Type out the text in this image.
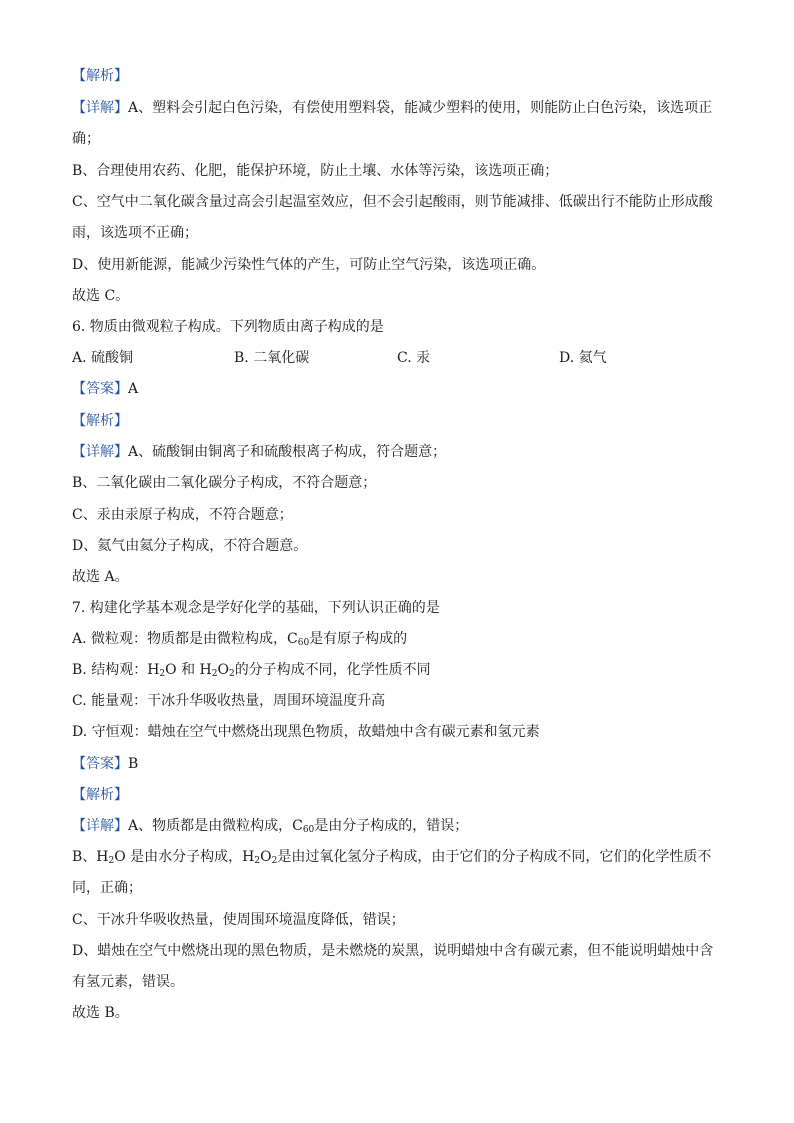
【解析】
【详解】A、塑料会引起白色污染，有偿使用塑料袋，能减少塑料的使用，则能防止白色污染，该选项正
确；
B、合理使用农药、化肥，能保护环境，防止土壤、水体等污染，该选项正确；
C、空气中二氧化碳含量过高会引起温室效应，但不会引起酸雨，则节能减排、低碳出行不能防止形成酸
雨，该选项不正确；
D、使用新能源，能减少污染性气体的产生，可防止空气污染，该选项正确。
故选 C。
6. 物质由微观粒子构成。下列物质由离子构成的是
A. 硫酸铜	B. 二氧化碳	C. 汞	D. 氦气
【答案】A
【解析】
【详解】A、硫酸铜由铜离子和硫酸根离子构成，符合题意；
B、二氧化碳由二氧化碳分子构成，不符合题意；
C、汞由汞原子构成，不符合题意；
D、氦气由氦分子构成，不符合题意。
故选 A。
7. 构建化学基本观念是学好化学的基础，下列认识正确的是
A. 微粒观：物质都是由微粒构成，$C_{60}$是有原子构成的
B. 结构观：$H_2O$ 和 $H_2O_2$的分子构成不同，化学性质不同
C. 能量观：干冰升华吸收热量，周围环境温度升高
D. 守恒观：蜡烛在空气中燃烧出现黑色物质，故蜡烛中含有碳元素和氢元素
【答案】B
【解析】
【详解】A、物质都是由微粒构成，$C_{60}$是由分子构成的，错误；
B、$H_2O$ 是由水分子构成，$H_2O_2$是由过氧化氢分子构成，由于它们的分子构成不同，它们的化学性质不
同，正确；
C、干冰升华吸收热量，使周围环境温度降低，错误；
D、蜡烛在空气中燃烧出现的黑色物质，是未燃烧的炭黑，说明蜡烛中含有碳元素，但不能说明蜡烛中含
有氢元素，错误。
故选 B。
